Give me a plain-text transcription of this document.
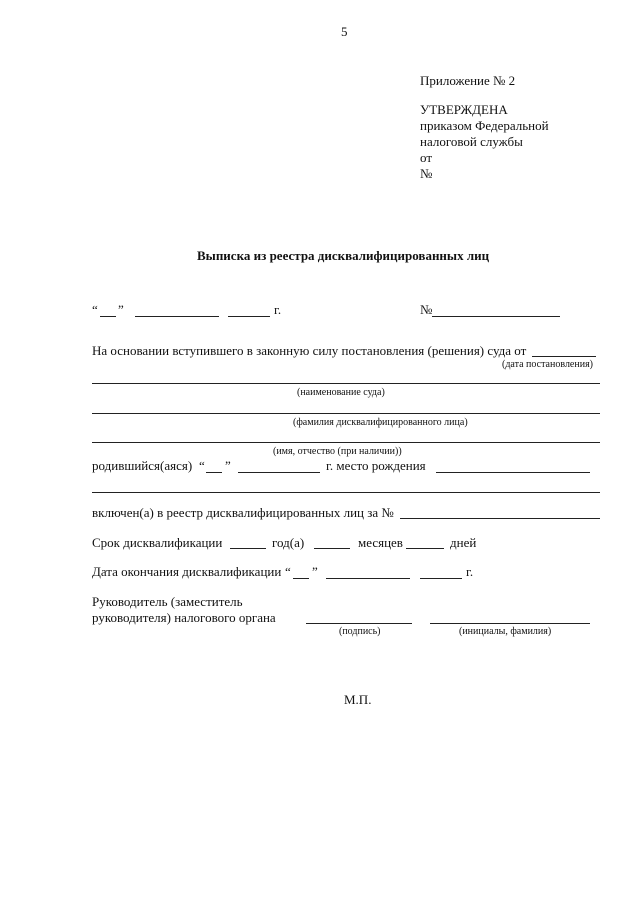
5
Приложение № 2
УТВЕРЖДЕНА
приказом Федеральной
налоговой службы
от
№
Выписка из реестра дисквалифицированных лиц
“ ”	г.	№
На основании вступившего в законную силу постановления (решения) суда от
(дата постановления)
(наименование суда)
(фамилия дисквалифицированного лица)
(имя, отчество (при наличии))
родившийся(аяся) “ ”	г. место рождения
включен(а) в реестр дисквалифицированных лиц за №
Срок дисквалификации	год(а)	месяцев	дней
Дата окончания дисквалификации “ ”	г.
Руководитель (заместитель
руководителя) налогового органа
(подпись)	(инициалы, фамилия)
М.П.
